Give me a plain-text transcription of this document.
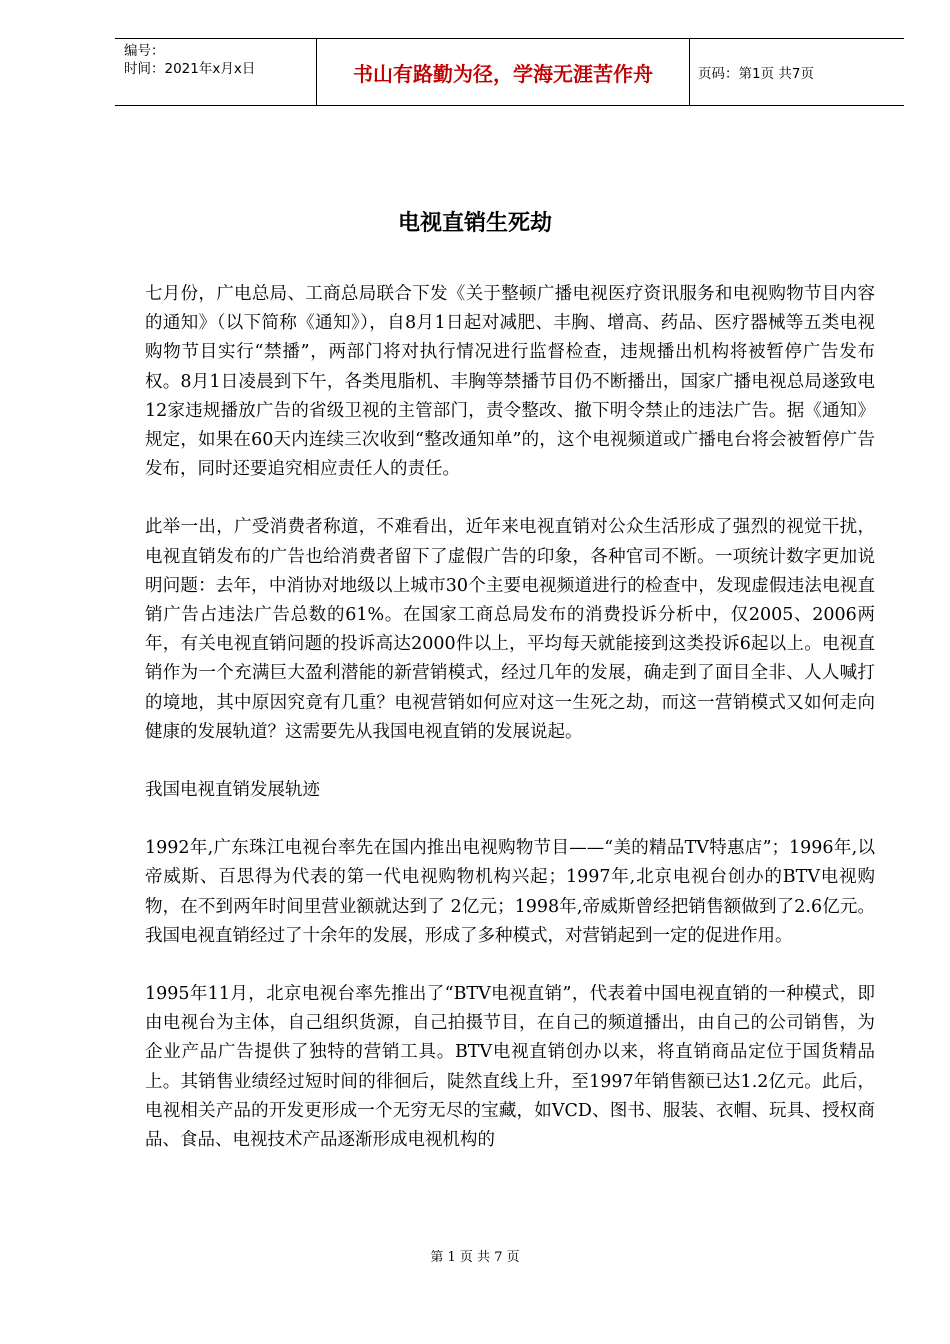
编号：
时间：2021年x月x日	书山有路勤为径，学海无涯苦作舟	页码：第1页 共7页
电视直销生死劫

七月份，广电总局、工商总局联合下发《关于整顿广播电视医疗资讯服务和电视购物节目内容的通知》（以下简称《通知》），自8月1日起对减肥、丰胸、增高、药品、医疗器械等五类电视购物节目实行“禁播”，两部门将对执行情况进行监督检查，违规播出机构将被暂停广告发布权。8月1日凌晨到下午，各类甩脂机、丰胸等禁播节目仍不断播出，国家广播电视总局遂致电12家违规播放广告的省级卫视的主管部门，责令整改、撤下明令禁止的违法广告。据《通知》规定，如果在60天内连续三次收到“整改通知单”的，这个电视频道或广播电台将会被暂停广告发布，同时还要追究相应责任人的责任。

此举一出，广受消费者称道，不难看出，近年来电视直销对公众生活形成了强烈的视觉干扰，电视直销发布的广告也给消费者留下了虚假广告的印象，各种官司不断。一项统计数字更加说明问题：去年，中消协对地级以上城市30个主要电视频道进行的检查中，发现虚假违法电视直销广告占违法广告总数的61%。在国家工商总局发布的消费投诉分析中，仅2005、2006两年，有关电视直销问题的投诉高达2000件以上，平均每天就能接到这类投诉6起以上。电视直销作为一个充满巨大盈利潜能的新营销模式，经过几年的发展，确走到了面目全非、人人喊打的境地，其中原因究竟有几重？电视营销如何应对这一生死之劫，而这一营销模式又如何走向健康的发展轨道？这需要先从我国电视直销的发展说起。

我国电视直销发展轨迹

1992年,广东珠江电视台率先在国内推出电视购物节目——“美的精品TV特惠店”；1996年,以帝威斯、百思得为代表的第一代电视购物机构兴起；1997年,北京电视台创办的BTV电视购物，在不到两年时间里营业额就达到了 2亿元；1998年,帝威斯曾经把销售额做到了2.6亿元。我国电视直销经过了十余年的发展，形成了多种模式，对营销起到一定的促进作用。

1995年11月，北京电视台率先推出了“BTV电视直销”，代表着中国电视直销的一种模式，即由电视台为主体，自己组织货源，自己拍摄节目，在自己的频道播出，由自己的公司销售，为企业产品广告提供了独特的营销工具。BTV电视直销创办以来，将直销商品定位于国货精品上。其销售业绩经过短时间的徘徊后，陡然直线上升，至1997年销售额已达1.2亿元。此后，电视相关产品的开发更形成一个无穷无尽的宝藏，如VCD、图书、服装、衣帽、玩具、授权商品、食品、电视技术产品逐渐形成电视机构的

第 1 页 共 7 页
